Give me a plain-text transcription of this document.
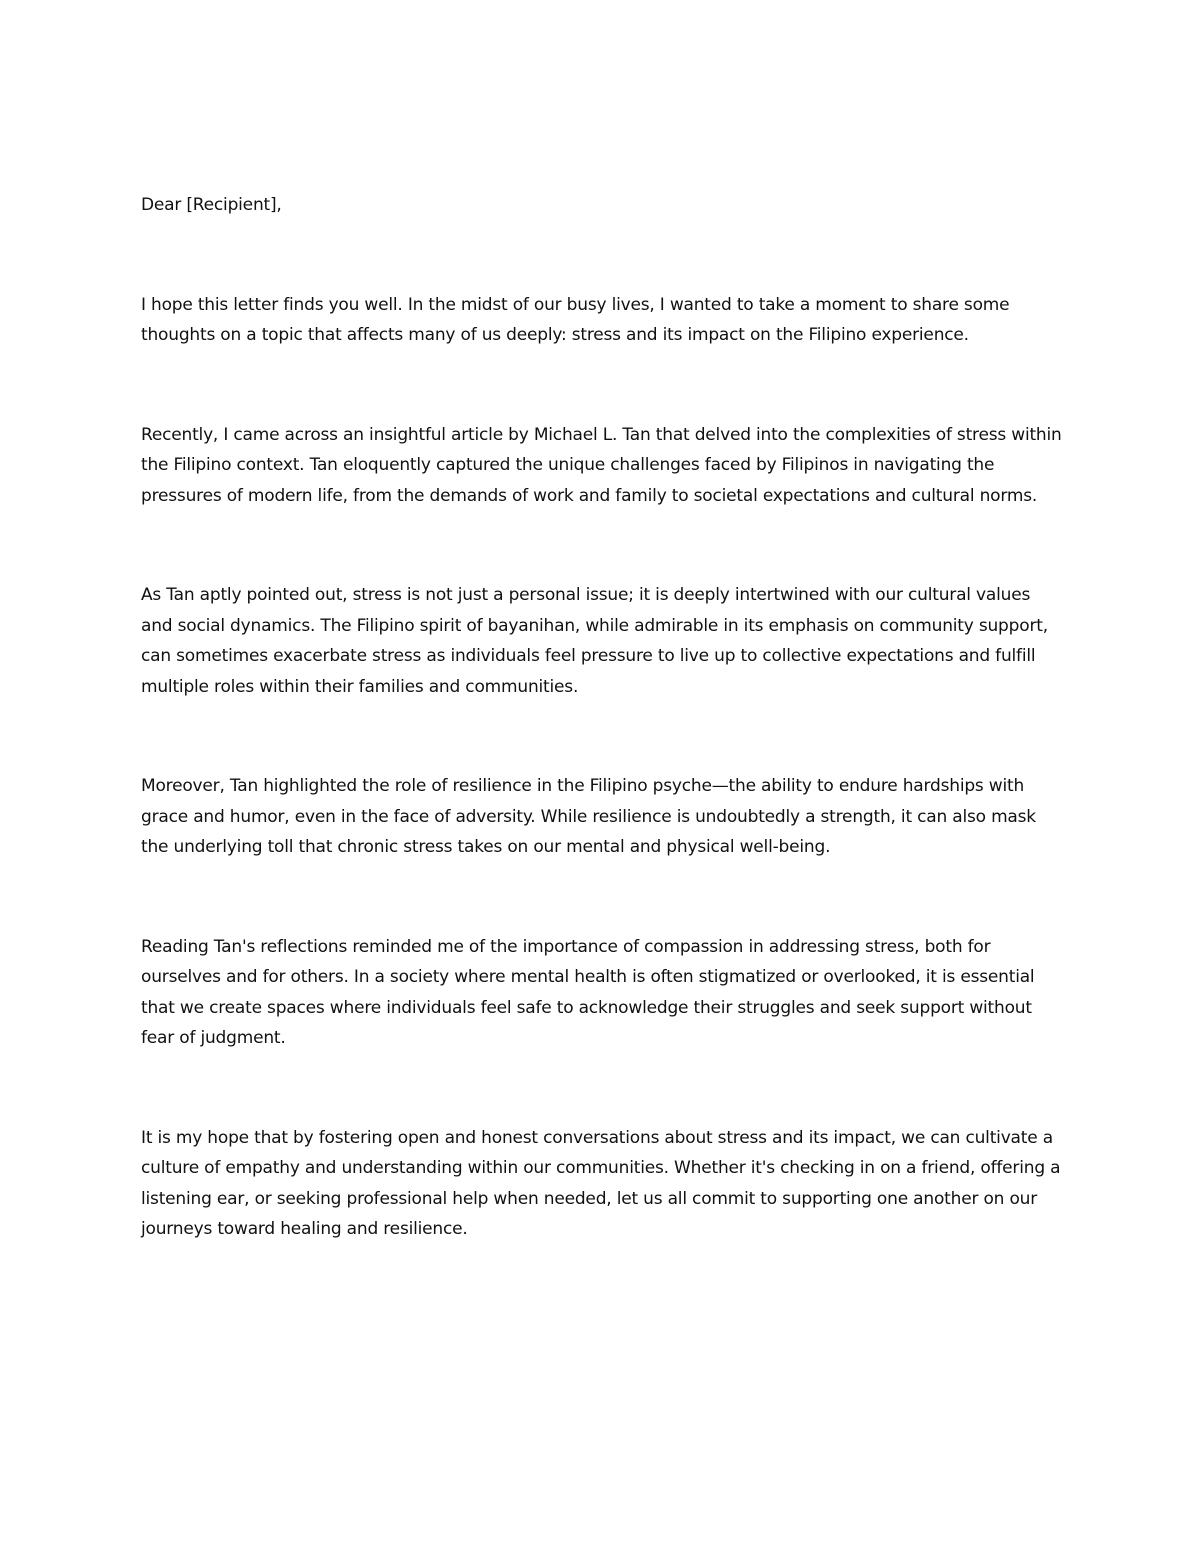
Dear [Recipient],

I hope this letter finds you well. In the midst of our busy lives, I wanted to take a moment to share some thoughts on a topic that affects many of us deeply: stress and its impact on the Filipino experience.

Recently, I came across an insightful article by Michael L. Tan that delved into the complexities of stress within the Filipino context. Tan eloquently captured the unique challenges faced by Filipinos in navigating the pressures of modern life, from the demands of work and family to societal expectations and cultural norms.

As Tan aptly pointed out, stress is not just a personal issue; it is deeply intertwined with our cultural values and social dynamics. The Filipino spirit of bayanihan, while admirable in its emphasis on community support, can sometimes exacerbate stress as individuals feel pressure to live up to collective expectations and fulfill multiple roles within their families and communities.

Moreover, Tan highlighted the role of resilience in the Filipino psyche—the ability to endure hardships with grace and humor, even in the face of adversity. While resilience is undoubtedly a strength, it can also mask the underlying toll that chronic stress takes on our mental and physical well-being.

Reading Tan's reflections reminded me of the importance of compassion in addressing stress, both for ourselves and for others. In a society where mental health is often stigmatized or overlooked, it is essential that we create spaces where individuals feel safe to acknowledge their struggles and seek support without fear of judgment.

It is my hope that by fostering open and honest conversations about stress and its impact, we can cultivate a culture of empathy and understanding within our communities. Whether it's checking in on a friend, offering a listening ear, or seeking professional help when needed, let us all commit to supporting one another on our journeys toward healing and resilience.
